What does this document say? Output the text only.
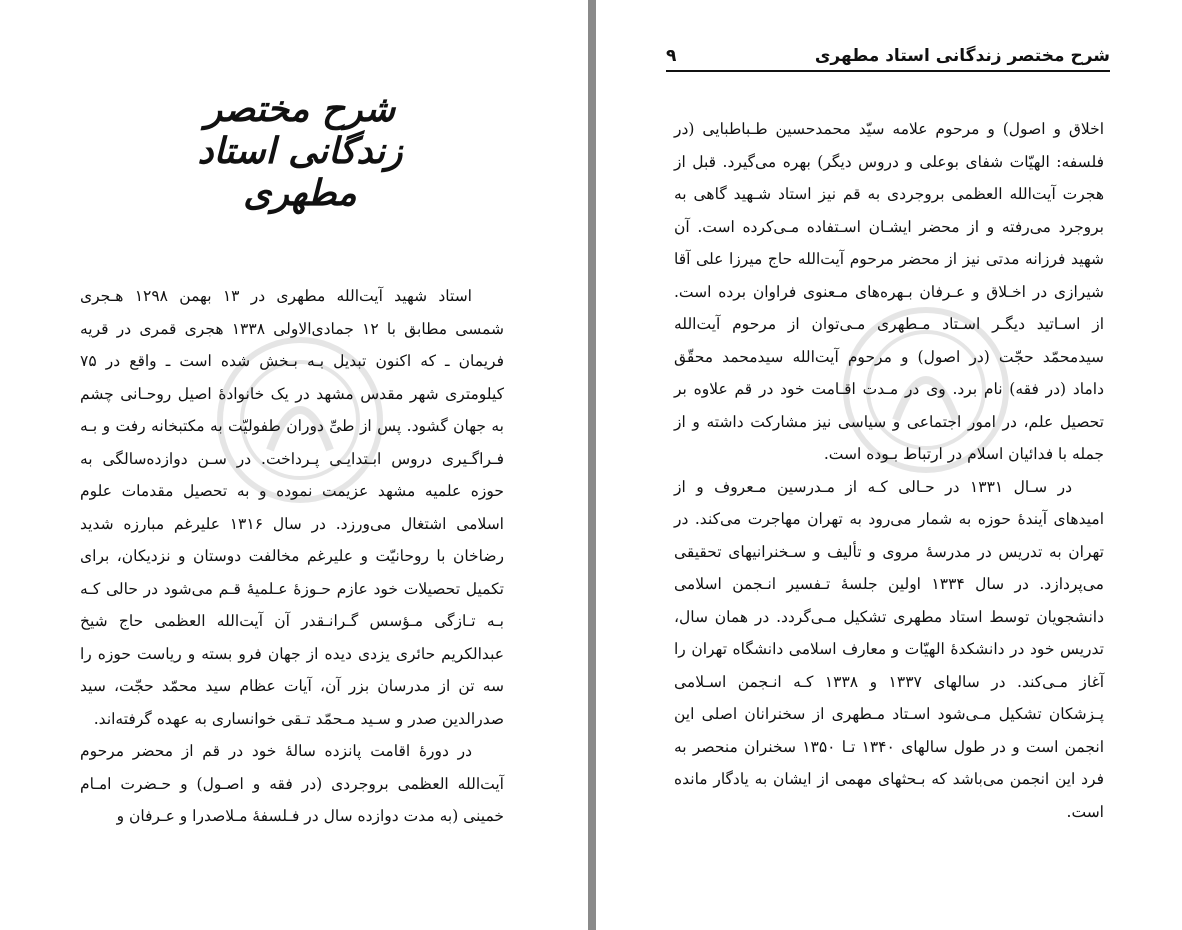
شرح مختصر زندگانی استاد مطهری

استاد شهید آیت‌الله مطهری در ۱۳ بهمن ۱۲۹۸ هـجری شمسی مطابق با ۱۲ جمادی‌الاولی ۱۳۳۸ هجری قمری در قریه فریمان ـ که اکنون تبدیل بـه بـخش شده است ـ واقع در ۷۵ کیلومتری شهر مقدس مشهد در یک خانوادهٔ اصیل روحـانی چشم به جهان گشود. پس از طیِّ دوران طفولیّت به مکتبخانه رفت و بـه فـراگـیری دروس ابـتدایـی پـرداخت. در سـن دوازده‌سالگی به حوزه علمیه مشهد عزیمت نموده و به تحصیل مقدمات علوم اسلامی اشتغال می‌ورزد. در سال ۱۳۱۶ علیرغم مبارزه شدید رضاخان با روحانیّت و علیرغم مخالفت دوستان و نزدیکان، برای تکمیل تحصیلات خود عازم حـوزهٔ عـلمیهٔ قـم می‌شود در حالی کـه بـه تـازگی مـؤسس گـرانـقدر آن آیت‌الله العظمی حاج شیخ عبدالکریم حائری یزدی دیده از جهان فرو بسته و ریاست حوزه را سه تن از مدرسان بزر آن، آیات عظام سید محمّد حجّت، سید صدرالدین صدر و سـید مـحمّد تـقی خوانساری به عهده گرفته‌اند.

در دورهٔ اقامت پانزده سالهٔ خود در قم از محضر مرحوم آیت‌الله العظمی بروجردی (در فقه و اصـول) و حـضرت امـام خمینی (به مدت دوازده سال در فـلسفهٔ مـلاصدرا و عـرفان و

شرح مختصر زندگانی استاد مطهری
۹

اخلاق و اصول) و مرحوم علامه سیّد محمدحسین طـباطبایی (در فلسفه: الهیّات شفای بوعلی و دروس دیگر) بهره می‌گیرد. قبل از هجرت آیت‌الله العظمی بروجردی به قم نیز استاد شـهید گاهی به بروجرد می‌رفته و از محضر ایشـان اسـتفاده مـی‌کرده است. آن شهید فرزانه مدتی نیز از محضر مرحوم آیت‌الله حاج میرزا علی آقا شیرازی در اخـلاق و عـرفان بـهره‌های مـعنوی فراوان برده است. از اسـاتید دیگـر اسـتاد مـطهری مـی‌توان از مرحوم آیت‌الله سیدمحمّد حجّت (در اصول) و مرحوم آیت‌الله سیدمحمد محقّق داماد (در فقه) نام برد. وی در مـدت اقـامت خود در قم علاوه بر تحصیل علم، در امور اجتماعی و سیاسی نیز مشارکت داشته و از جمله با فدائیان اسلام در ارتباط بـوده است.

در سـال ۱۳۳۱ در حـالی کـه از مـدرسین مـعروف و از امیدهای آیندهٔ حوزه به شمار می‌رود به تهران مهاجرت می‌کند. در تهران به تدریس در مدرسهٔ مروی و تألیف و سـخنرانیهای تحقیقی می‌پردازد. در سال ۱۳۳۴ اولین جلسهٔ تـفسیر انـجمن اسلامی دانشجویان توسط استاد مطهری تشکیل مـی‌گردد. در همان سال، تدریس خود در دانشکدهٔ الهیّات و معارف اسلامی دانشگاه تهران را آغاز مـی‌کند. در سالهای ۱۳۳۷ و ۱۳۳۸ کـه انـجمن اسـلامی پـزشکان تشکیل مـی‌شود اسـتاد مـطهری از سخنرانان اصلی این انجمن است و در طول سالهای ۱۳۴۰ تـا ۱۳۵۰ سخنران منحصر به فرد این انجمن می‌باشد که بـحثهای مهمی از ایشان به یادگار مانده است.
